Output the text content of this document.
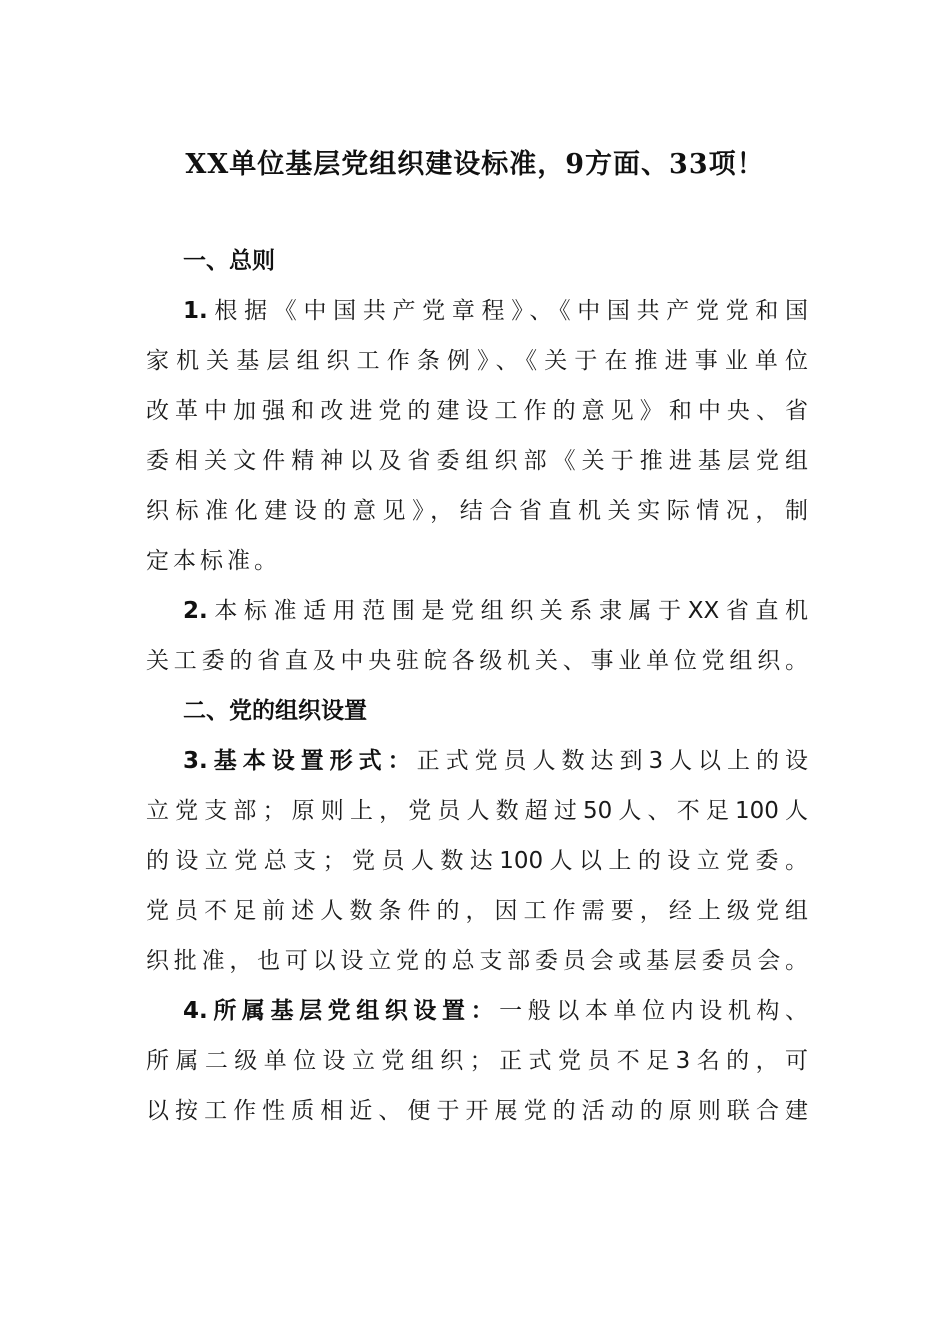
XX单位基层党组织建设标准，9方面、33项！
一、总则
1.根据《中国共产党章程》、《中国共产党党和国
家机关基层组织工作条例》、《关于在推进事业单位
改革中加强和改进党的建设工作的意见》和中央、省
委相关文件精神以及省委组织部《关于推进基层党组
织标准化建设的意见》，结合省直机关实际情况，制
定本标准。
2.本标准适用范围是党组织关系隶属于XX省直机
关工委的省直及中央驻皖各级机关、事业单位党组织。
二、党的组织设置
3.基本设置形式：正式党员人数达到3人以上的设
立党支部；原则上，党员人数超过50人、不足100人
的设立党总支；党员人数达100人以上的设立党委。
党员不足前述人数条件的，因工作需要，经上级党组
织批准，也可以设立党的总支部委员会或基层委员会。
4.所属基层党组织设置：一般以本单位内设机构、
所属二级单位设立党组织；正式党员不足3名的，可
以按工作性质相近、便于开展党的活动的原则联合建
